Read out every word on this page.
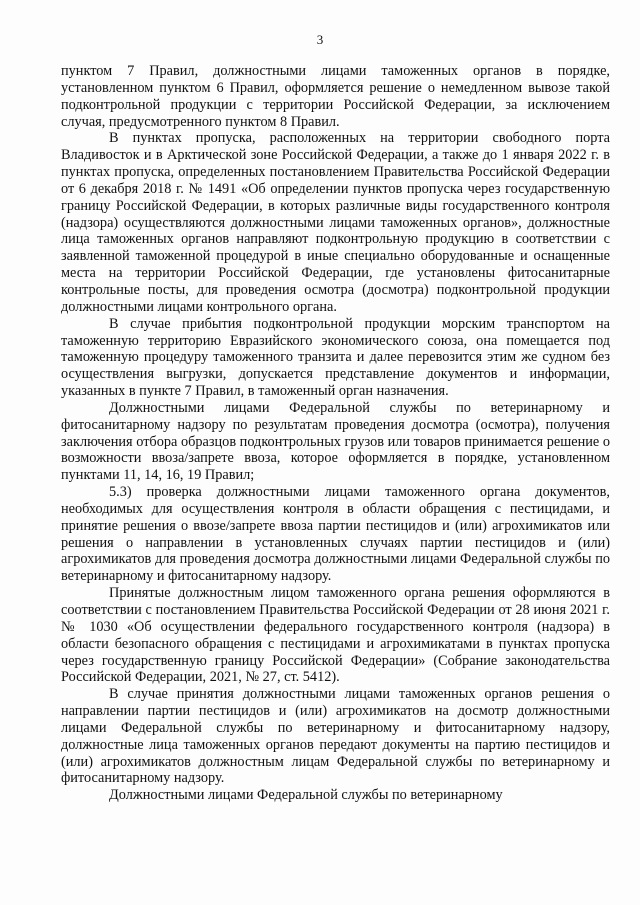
3

пунктом 7 Правил, должностными лицами таможенных органов в порядке, установленном пунктом 6 Правил, оформляется решение о немедленном вывозе такой подконтрольной продукции с территории Российской Федерации, за исключением случая, предусмотренного пунктом 8 Правил.

В пунктах пропуска, расположенных на территории свободного порта Владивосток и в Арктической зоне Российской Федерации, а также до 1 января 2022 г. в пунктах пропуска, определенных постановлением Правительства Российской Федерации от 6 декабря 2018 г. № 1491 «Об определении пунктов пропуска через государственную границу Российской Федерации, в которых различные виды государственного контроля (надзора) осуществляются должностными лицами таможенных органов», должностные лица таможенных органов направляют подконтрольную продукцию в соответствии с заявленной таможенной процедурой в иные специально оборудованные и оснащенные места на территории Российской Федерации, где установлены фитосанитарные контрольные посты, для проведения осмотра (досмотра) подконтрольной продукции должностными лицами контрольного органа.

В случае прибытия подконтрольной продукции морским транспортом на таможенную территорию Евразийского экономического союза, она помещается под таможенную процедуру таможенного транзита и далее перевозится этим же судном без осуществления выгрузки, допускается представление документов и информации, указанных в пункте 7 Правил, в таможенный орган назначения.

Должностными лицами Федеральной службы по ветеринарному и фитосанитарному надзору по результатам проведения досмотра (осмотра), получения заключения отбора образцов подконтрольных грузов или товаров принимается решение о возможности ввоза/запрете ввоза, которое оформляется в порядке, установленном пунктами 11, 14, 16, 19 Правил;

5.3) проверка должностными лицами таможенного органа документов, необходимых для осуществления контроля в области обращения с пестицидами, и принятие решения о ввозе/запрете ввоза партии пестицидов и (или) агрохимикатов или решения о направлении в установленных случаях партии пестицидов и (или) агрохимикатов для проведения досмотра должностными лицами Федеральной службы по ветеринарному и фитосанитарному надзору.

Принятые должностным лицом таможенного органа решения оформляются в соответствии с постановлением Правительства Российской Федерации от 28 июня 2021 г. № 1030 «Об осуществлении федерального государственного контроля (надзора) в области безопасного обращения с пестицидами и агрохимикатами в пунктах пропуска через государственную границу Российской Федерации» (Собрание законодательства Российской Федерации, 2021, № 27, ст. 5412).

В случае принятия должностными лицами таможенных органов решения о направлении партии пестицидов и (или) агрохимикатов на досмотр должностными лицами Федеральной службы по ветеринарному и фитосанитарному надзору, должностные лица таможенных органов передают документы на партию пестицидов и (или) агрохимикатов должностным лицам Федеральной службы по ветеринарному и фитосанитарному надзору.

Должностными лицами Федеральной службы по ветеринарному
